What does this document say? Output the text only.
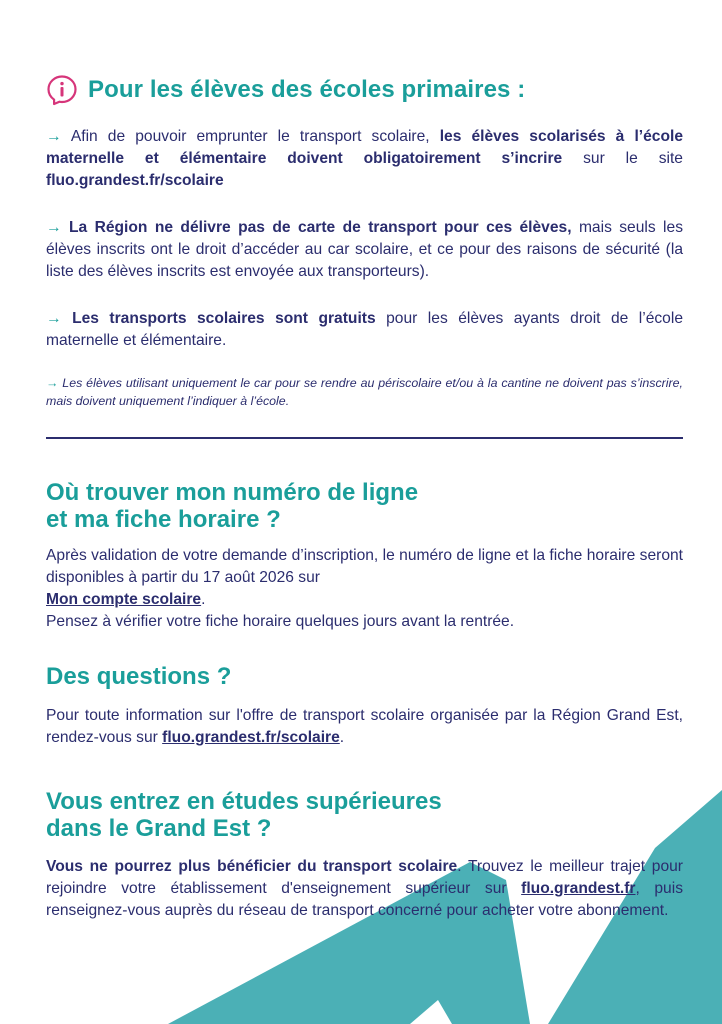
Pour les élèves des écoles primaires :

→ Afin de pouvoir emprunter le transport scolaire, les élèves scolarisés à l’école maternelle et élémentaire doivent obligatoirement s’incrire sur le site fluo.grandest.fr/scolaire

→ La Région ne délivre pas de carte de transport pour ces élèves, mais seuls les élèves inscrits ont le droit d’accéder au car scolaire, et ce pour des raisons de sécurité (la liste des élèves inscrits est envoyée aux transporteurs).

→ Les transports scolaires sont gratuits pour les élèves ayants droit de l’école maternelle et élémentaire.

→ Les élèves utilisant uniquement le car pour se rendre au périscolaire et/ou à la cantine ne doivent pas s’inscrire, mais doivent uniquement l’indiquer à l’école.

Où trouver mon numéro de ligne
et ma fiche horaire ?

Après validation de votre demande d’inscription, le numéro de ligne et la fiche horaire seront disponibles à partir du 17 août 2026 sur
Mon compte scolaire.
Pensez à vérifier votre fiche horaire quelques jours avant la rentrée.

Des questions ?

Pour toute information sur l'offre de transport scolaire organisée par la Région Grand Est, rendez-vous sur fluo.grandest.fr/scolaire.

Vous entrez en études supérieures
dans le Grand Est ?

Vous ne pourrez plus bénéficier du transport scolaire. Trouvez le meilleur trajet pour rejoindre votre établissement d'enseignement supérieur sur fluo.grandest.fr, puis renseignez-vous auprès du réseau de transport concerné pour acheter votre abonnement.
